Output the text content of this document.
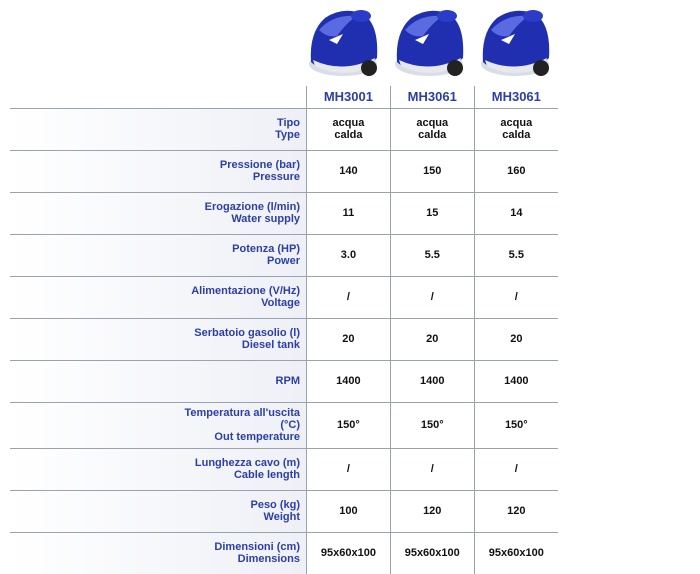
	MH3001	MH3061	MH3061

Tipo
Type	acqua calda	acqua calda	acqua calda

Pressione (bar)
Pressure	140	150	160

Erogazione (l/min)
Water supply	11	15	14

Potenza (HP)
Power	3.0	5.5	5.5

Alimentazione (V/Hz)
Voltage	/	/	/

Serbatoio gasolio (l)
Diesel tank	20	20	20

RPM	1400	1400	1400

Temperatura all'uscita (°C)
Out temperature	150°	150°	150°

Lunghezza cavo (m)
Cable length	/	/	/

Peso (kg)
Weight	100	120	120

Dimensioni (cm)
Dimensions	95x60x100	95x60x100	95x60x100
